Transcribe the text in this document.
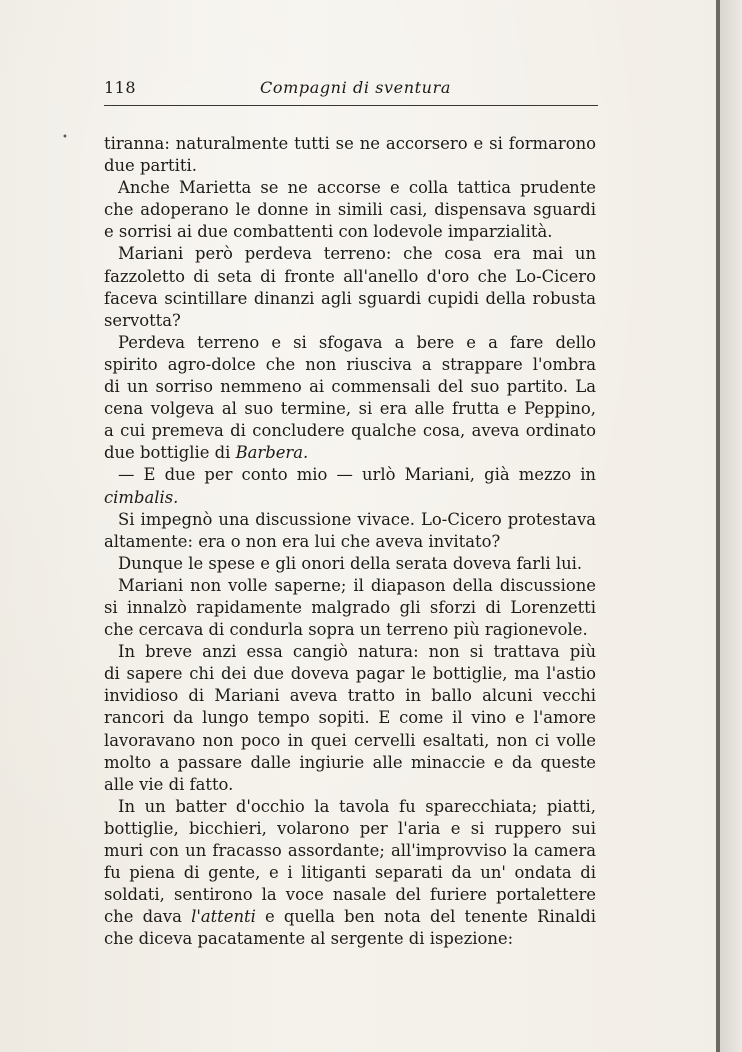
118	Compagni di sventura
• tiranna: naturalmente tutti se ne accorsero e si formarono
due partiti.
Anche Marietta se ne accorse e colla tattica prudente
che adoperano le donne in simili casi, dispensava sguardi
e sorrisi ai due combattenti con lodevole imparzialità.
Mariani però perdeva terreno: che cosa era mai un
fazzoletto di seta di fronte all'anello d'oro che Lo-Cicero
faceva scintillare dinanzi agli sguardi cupidi della robusta
servotta?
Perdeva terreno e si sfogava a bere e a fare dello
spirito agro-dolce che non riusciva a strappare l'ombra
di un sorriso nemmeno ai commensali del suo partito. La
cena volgeva al suo termine, si era alle frutta e Peppino,
a cui premeva di concludere qualche cosa, aveva ordinato
due bottiglie di Barbera.
— E due per conto mio — urlò Mariani, già mezzo in
cimbalis.
Si impegnò una discussione vivace. Lo-Cicero protestava
altamente: era o non era lui che aveva invitato?
Dunque le spese e gli onori della serata doveva farli lui.
Mariani non volle saperne; il diapason della discussione
si innalzò rapidamente malgrado gli sforzi di Lorenzetti
che cercava di condurla sopra un terreno più ragionevole.
In breve anzi essa cangiò natura: non si trattava più
di sapere chi dei due doveva pagar le bottiglie, ma l'astio
invidioso di Mariani aveva tratto in ballo alcuni vecchi
rancori da lungo tempo sopiti. E come il vino e l'amore
lavoravano non poco in quei cervelli esaltati, non ci volle
molto a passare dalle ingiurie alle minaccie e da queste
alle vie di fatto.
In un batter d'occhio la tavola fu sparecchiata; piatti,
bottiglie, bicchieri, volarono per l'aria e si ruppero sui
muri con un fracasso assordante; all'improvviso la camera
fu piena di gente, e i litiganti separati da un' ondata di
soldati, sentirono la voce nasale del furiere portalettere
che dava l'attenti e quella ben nota del tenente Rinaldi
che diceva pacatamente al sergente di ispezione:
